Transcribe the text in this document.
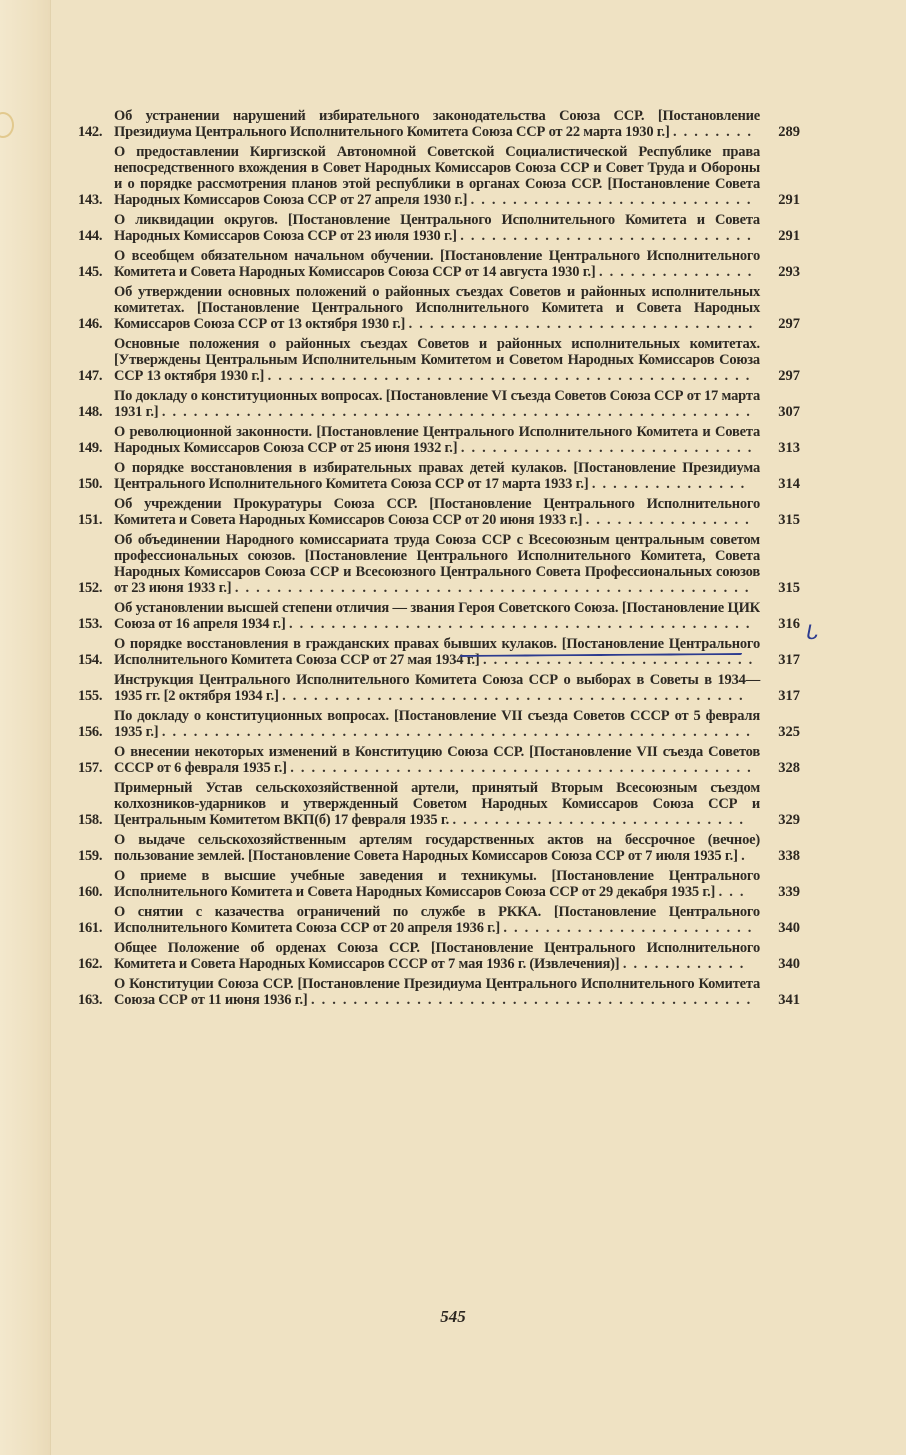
142.
Об устранении нарушений избирательного законодательства Союза ССР. [Постановление Президиума Центрального Исполнительного Комитета Союза ССР от 22 марта 1930 г.] ........	289
143.
О предоставлении Киргизской Автономной Советской Социалистической Республике права непосредственного вхождения в Совет Народных Комиссаров Союза ССР и Совет Труда и Обороны и о порядке рассмотрения планов этой республики в органах Союза ССР. [Постановление Совета Народных Комиссаров Союза ССР от 27 апреля 1930 г.] ...........................	291
144.
О ликвидации округов. [Постановление Центрального Исполнительного Комитета и Совета Народных Комиссаров Союза ССР от 23 июля 1930 г.] ............................	291
145.
О всеобщем обязательном начальном обучении. [Постановление Центрального Исполнительного Комитета и Совета Народных Комиссаров Союза ССР от 14 августа 1930 г.] ...............	293
146.
Об утверждении основных положений о районных съездах Советов и районных исполнительных комитетах. [Постановление Центрального Исполнительного Комитета и Совета Народных Комиссаров Союза ССР от 13 октября 1930 г.] .................................	297
147.
Основные положения о районных съездах Советов и районных исполнительных комитетах. [Утверждены Центральным Исполнительным Комитетом и Советом Народных Комиссаров Союза ССР 13 октября 1930 г.] ..............................................	297
148.
По докладу о конституционных вопросах. [Постановление VI съезда Советов Союза ССР от 17 марта 1931 г.] ........................................................	307
149.
О революционной законности. [Постановление Центрального Исполнительного Комитета и Совета Народных Комиссаров Союза ССР от 25 июня 1932 г.] ............................	313
150.
О порядке восстановления в избирательных правах детей кулаков. [Постановление Президиума Центрального Исполнительного Комитета Союза ССР от 17 марта 1933 г.] ...............	314
151.
Об учреждении Прокуратуры Союза ССР. [Постановление Центрального Исполнительного Комитета и Совета Народных Комиссаров Союза ССР от 20 июня 1933 г.] ................	315
152.
Об объединении Народного комиссариата труда Союза ССР с Всесоюзным центральным советом профессиональных союзов. [Постановление Центрального Исполнительного Комитета, Совета Народных Комиссаров Союза ССР и Всесоюзного Центрального Совета Профессиональных союзов от 23 июня 1933 г.] .................................................	315
153.
Об установлении высшей степени отличия — звания Героя Советского Союза. [Постановление ЦИК Союза от 16 апреля 1934 г.] ............................................	316
154.
О порядке восстановления в гражданских правах бывших кулаков. [Постановление Центрального Исполнительного Комитета Союза ССР от 27 мая 1934 г.] ..........................	317
155.
Инструкция Центрального Исполнительного Комитета Союза ССР о выборах в Советы в 1934—1935 гг. [2 октября 1934 г.] ............................................	317
156.
По докладу о конституционных вопросах. [Постановление VII съезда Советов СССР от 5 февраля 1935 г.] ........................................................	325
157.
О внесении некоторых изменений в Конституцию Союза ССР. [Постановление VII съезда Советов СССР от 6 февраля 1935 г.] ............................................	328
158.
Примерный Устав сельскохозяйственной артели, принятый Вторым Всесоюзным съездом колхозников-ударников и утвержденный Советом Народных Комиссаров Союза ССР и Центральным Комитетом ВКП(б) 17 февраля 1935 г. ............................	329
159.
О выдаче сельскохозяйственным артелям государственных актов на бессрочное (вечное) пользование землей. [Постановление Совета Народных Комиссаров Союза ССР от 7 июля 1935 г.] .	338
160.
О приеме в высшие учебные заведения и техникумы. [Постановление Центрального Исполнительного Комитета и Совета Народных Комиссаров Союза ССР от 29 декабря 1935 г.] ...	339
161.
О снятии с казачества ограничений по службе в РККА. [Постановление Центрального Исполнительного Комитета Союза ССР от 20 апреля 1936 г.] ........................	340
162.
Общее Положение об орденах Союза ССР. [Постановление Центрального Исполнительного Комитета и Совета Народных Комиссаров СССР от 7 мая 1936 г. (Извлечения)] ............	340
163.
О Конституции Союза ССР. [Постановление Президиума Центрального Исполнительного Комитета Союза ССР от 11 июня 1936 г.] ..........................................	341
ᒐ
545
